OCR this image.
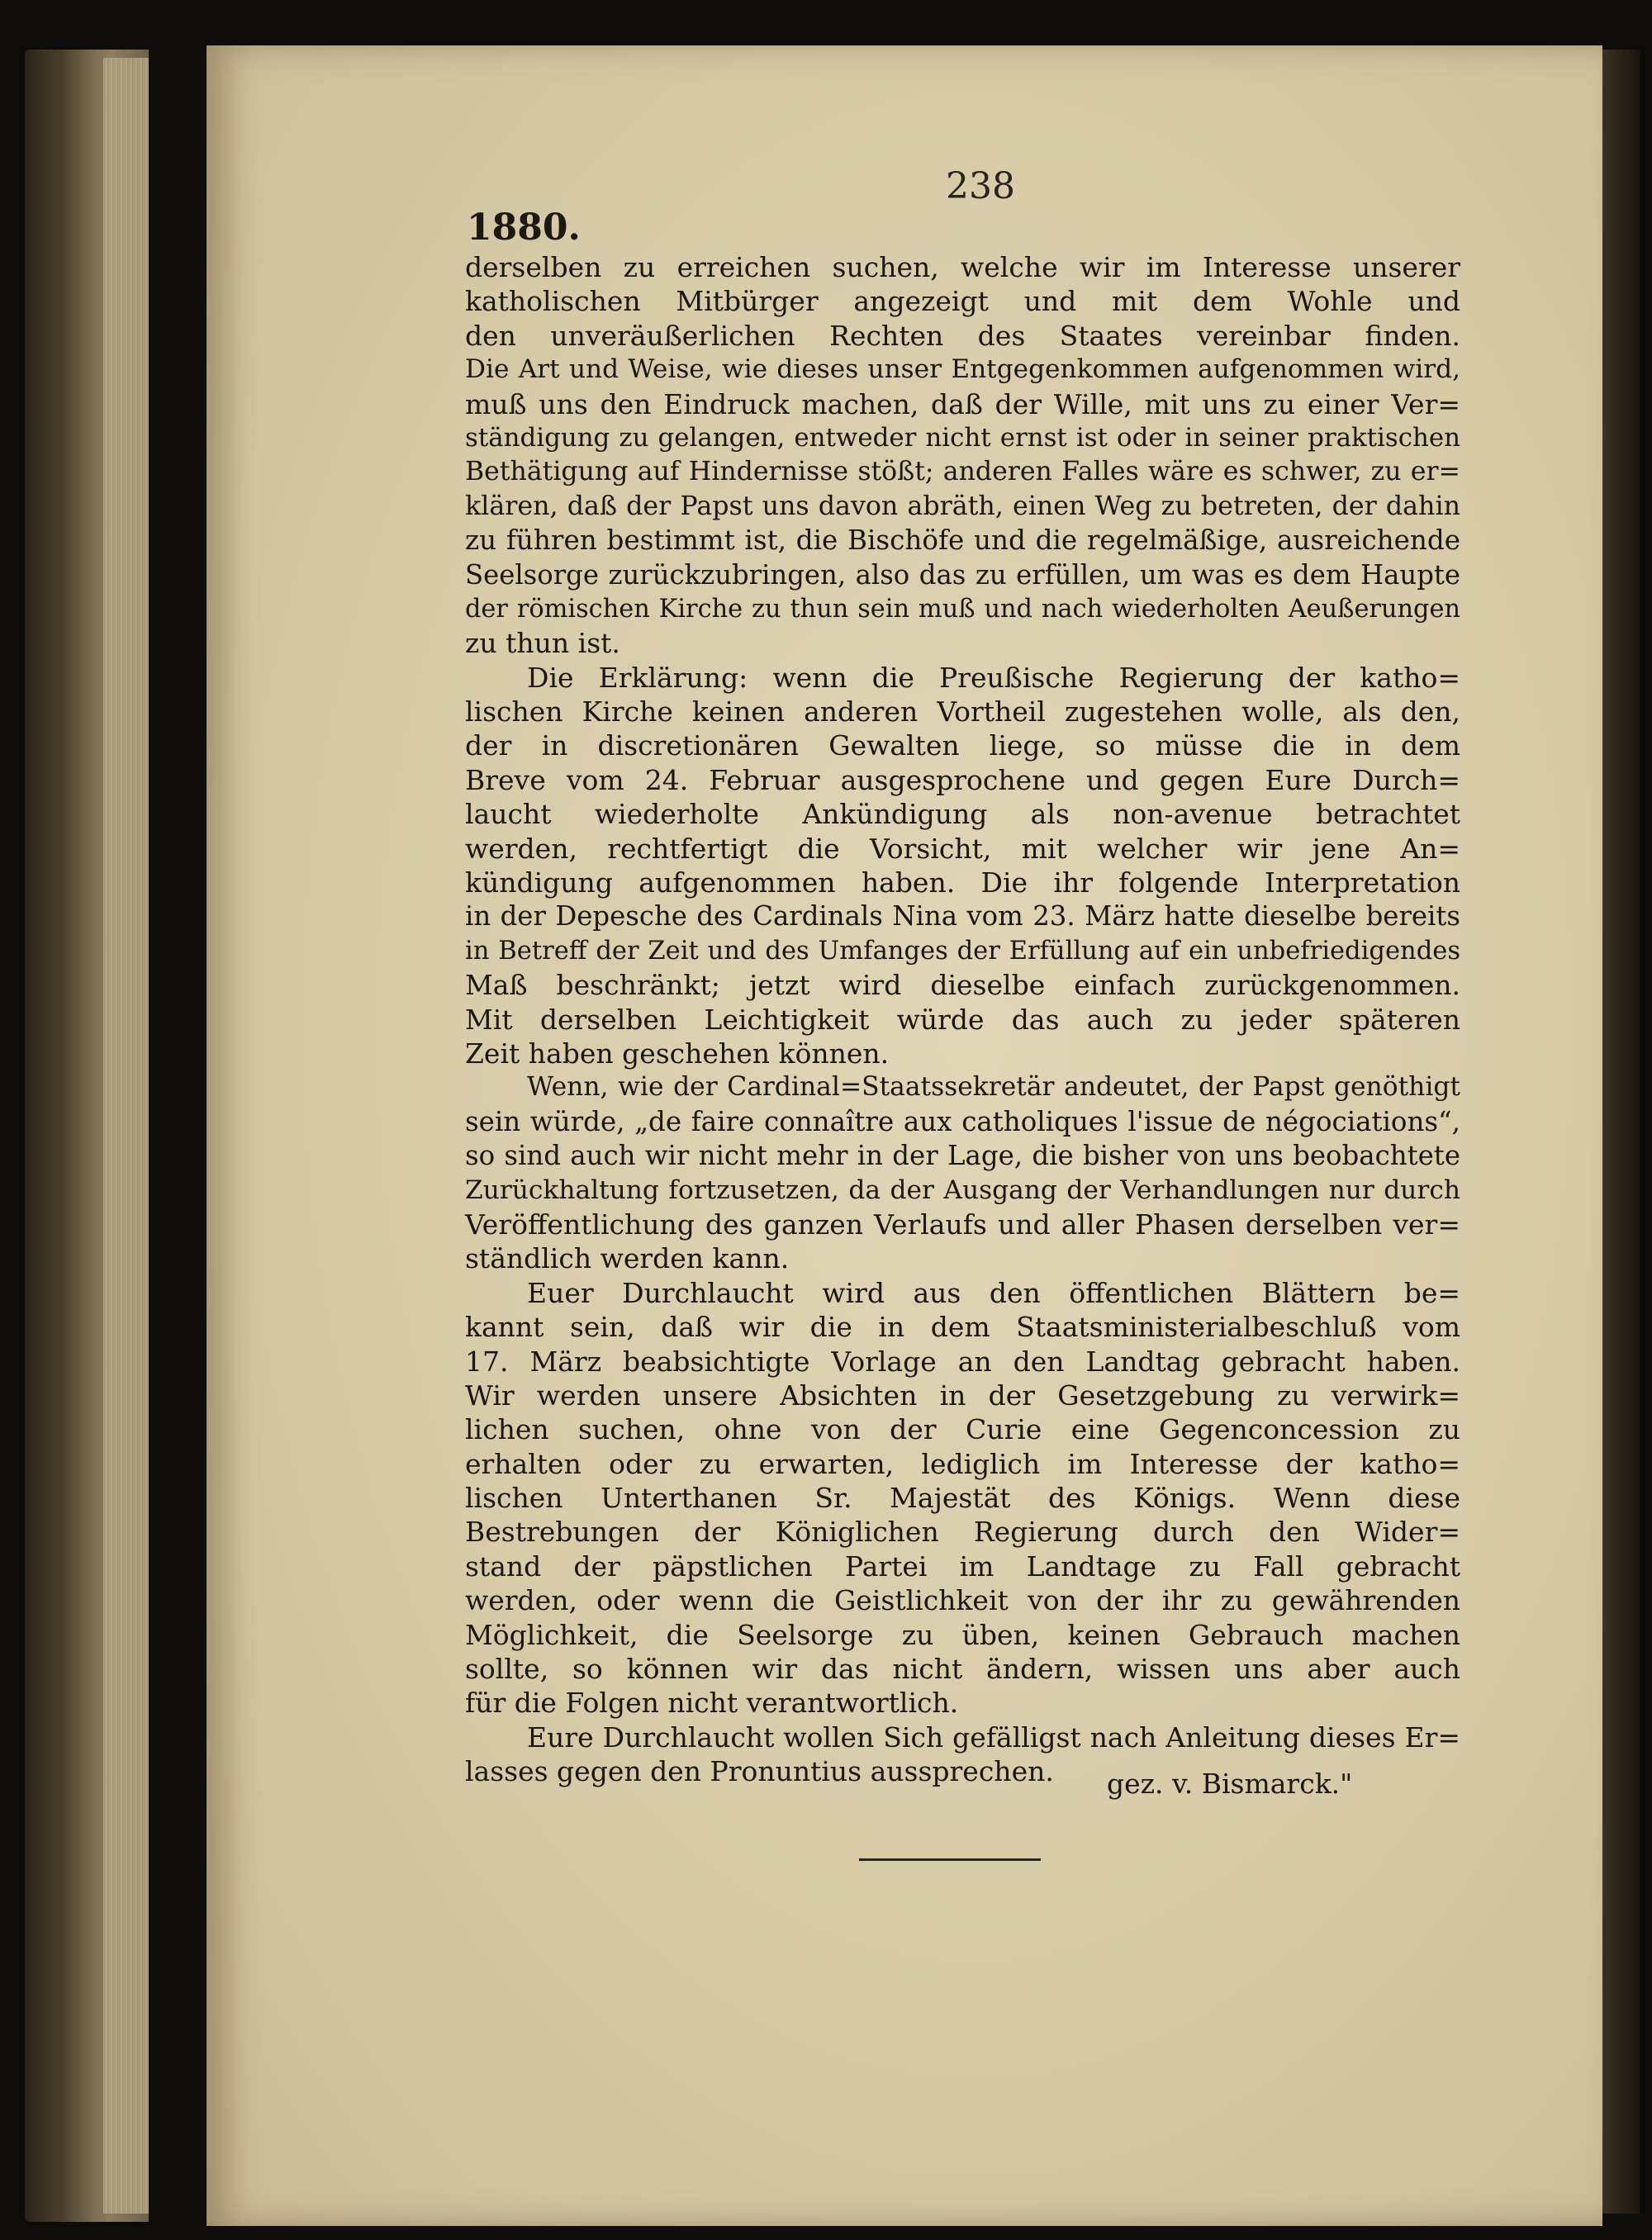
1880.
238
derselben zu erreichen suchen, welche wir im Interesse unserer
katholischen Mitbürger angezeigt und mit dem Wohle und
den unveräußerlichen Rechten des Staates vereinbar finden.
Die Art und Weise, wie dieses unser Entgegenkommen aufgenommen wird,
muß uns den Eindruck machen, daß der Wille, mit uns zu einer Ver=
ständigung zu gelangen, entweder nicht ernst ist oder in seiner praktischen
Bethätigung auf Hindernisse stößt; anderen Falles wäre es schwer, zu er=
klären, daß der Papst uns davon abräth, einen Weg zu betreten, der dahin
zu führen bestimmt ist, die Bischöfe und die regelmäßige, ausreichende
Seelsorge zurückzubringen, also das zu erfüllen, um was es dem Haupte
der römischen Kirche zu thun sein muß und nach wiederholten Aeußerungen
zu thun ist.
Die Erklärung: wenn die Preußische Regierung der katho=
lischen Kirche keinen anderen Vortheil zugestehen wolle, als den,
der in discretionären Gewalten liege, so müsse die in dem
Breve vom 24. Februar ausgesprochene und gegen Eure Durch=
laucht wiederholte Ankündigung als non-avenue betrachtet
werden, rechtfertigt die Vorsicht, mit welcher wir jene An=
kündigung aufgenommen haben. Die ihr folgende Interpretation
in der Depesche des Cardinals Nina vom 23. März hatte dieselbe bereits
in Betreff der Zeit und des Umfanges der Erfüllung auf ein unbefriedigendes
Maß beschränkt; jetzt wird dieselbe einfach zurückgenommen.
Mit derselben Leichtigkeit würde das auch zu jeder späteren
Zeit haben geschehen können.
Wenn, wie der Cardinal=Staatssekretär andeutet, der Papst genöthigt
sein würde, „de faire connaître aux catholiques l'issue de négociations“,
so sind auch wir nicht mehr in der Lage, die bisher von uns beobachtete
Zurückhaltung fortzusetzen, da der Ausgang der Verhandlungen nur durch
Veröffentlichung des ganzen Verlaufs und aller Phasen derselben ver=
ständlich werden kann.
Euer Durchlaucht wird aus den öffentlichen Blättern be=
kannt sein, daß wir die in dem Staatsministerialbeschluß vom
17. März beabsichtigte Vorlage an den Landtag gebracht haben.
Wir werden unsere Absichten in der Gesetzgebung zu verwirk=
lichen suchen, ohne von der Curie eine Gegenconcession zu
erhalten oder zu erwarten, lediglich im Interesse der katho=
lischen Unterthanen Sr. Majestät des Königs. Wenn diese
Bestrebungen der Königlichen Regierung durch den Wider=
stand der päpstlichen Partei im Landtage zu Fall gebracht
werden, oder wenn die Geistlichkeit von der ihr zu gewährenden
Möglichkeit, die Seelsorge zu üben, keinen Gebrauch machen
sollte, so können wir das nicht ändern, wissen uns aber auch
für die Folgen nicht verantwortlich.
Eure Durchlaucht wollen Sich gefälligst nach Anleitung dieses Er=
lasses gegen den Pronuntius aussprechen.	gez. v. Bismarck."
